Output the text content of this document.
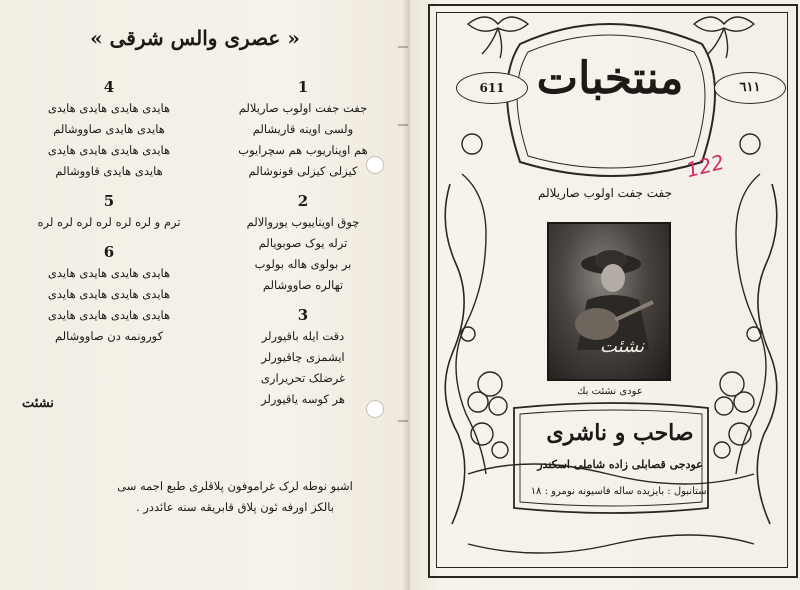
« عصری والس شرقی »
1
جفت جفت اولوب صاریلالم
ولسی اوینه قاریشالم
هم اویناریوب هم سچرایوب
کیزلی کیزلی قونوشالم
2
چوق اویناییوب یوروالالم
ترله یوک صوبویالم
بر بولوی هاله بولوب
تهالره صاووشالم
3
دقت ایله باقیورلر
ایشمزی چاقیورلر
غرضلک تحریراری
هر کوسه یاقیورلر
4
هایدی هایدی هایدی هایدی
هایدی هایدی صاووشالم
هایدی هایدی هایدی هایدی
هایدی هایدی قاووشالم
5
ترم و لره لره لره لره لره لره
6
هایدی هایدی هایدی هایدی
هایدی هایدی هایدی هایدی
هایدی هایدی هایدی هایدی
کورونمه دن صاووشالم
نشئت
اشبو نوطه لرک غراموفون پلاقلری طبع اجمه سی
بالکز اورفه ئون پلاق قابریقه سنه عائددر .
611	٦١١
منتخبات
122
جفت جفت اولوب صاریلالم
نشئت
عودی نشئت بك
صاحب و ناشری
عودجی قصابلی زاده شاملی اسکندر
استانبول : بایزیده ساله فاسیونه نومرو : ١٨
